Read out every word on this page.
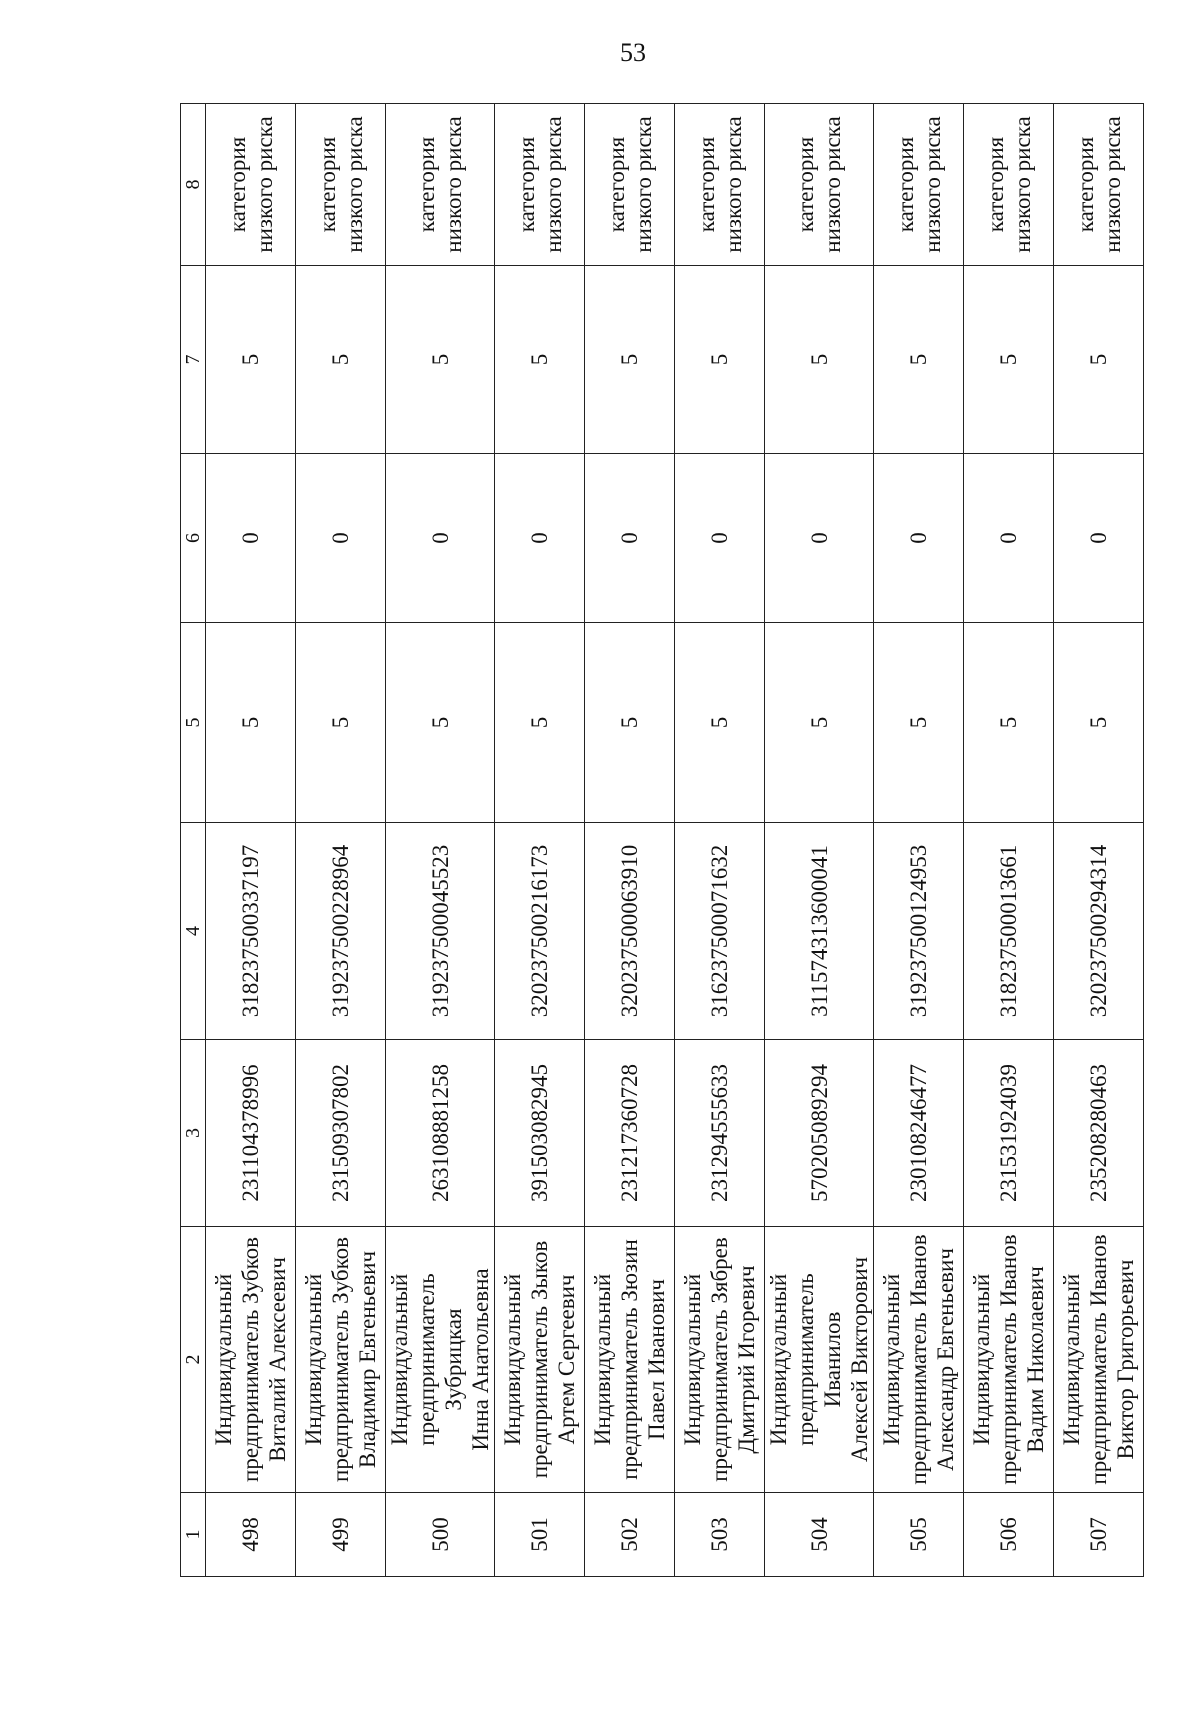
53
1	2	3	4	5	6	7	8
498	Индивидуальный
предприниматель Зубков
Виталий Алексеевич	231104378996	318237500337197	5	0	5	категория
низкого риска
499	Индивидуальный
предприниматель Зубков
Владимир Евгеньевич	231509307802	319237500228964	5	0	5	категория
низкого риска
500	Индивидуальный
предприниматель Зубрицкая
Инна Анатольевна	263108881258	319237500045523	5	0	5	категория
низкого риска
501	Индивидуальный
предприниматель Зыков
Артем Сергеевич	391503082945	320237500216173	5	0	5	категория
низкого риска
502	Индивидуальный
предприниматель Зюзин
Павел Иванович	231217360728	320237500063910	5	0	5	категория
низкого риска
503	Индивидуальный
предприниматель Зябрев
Дмитрий Игоревич	231294555633	316237500071632	5	0	5	категория
низкого риска
504	Индивидуальный
предприниматель Иванилов
Алексей Викторович	570205089294	311574313600041	5	0	5	категория
низкого риска
505	Индивидуальный
предприниматель Иванов
Александр Евгеньевич	230108246477	319237500124953	5	0	5	категория
низкого риска
506	Индивидуальный
предприниматель Иванов
Вадим Николаевич	231531924039	318237500013661	5	0	5	категория
низкого риска
507	Индивидуальный
предприниматель Иванов
Виктор Григорьевич	235208280463	320237500294314	5	0	5	категория
низкого риска
